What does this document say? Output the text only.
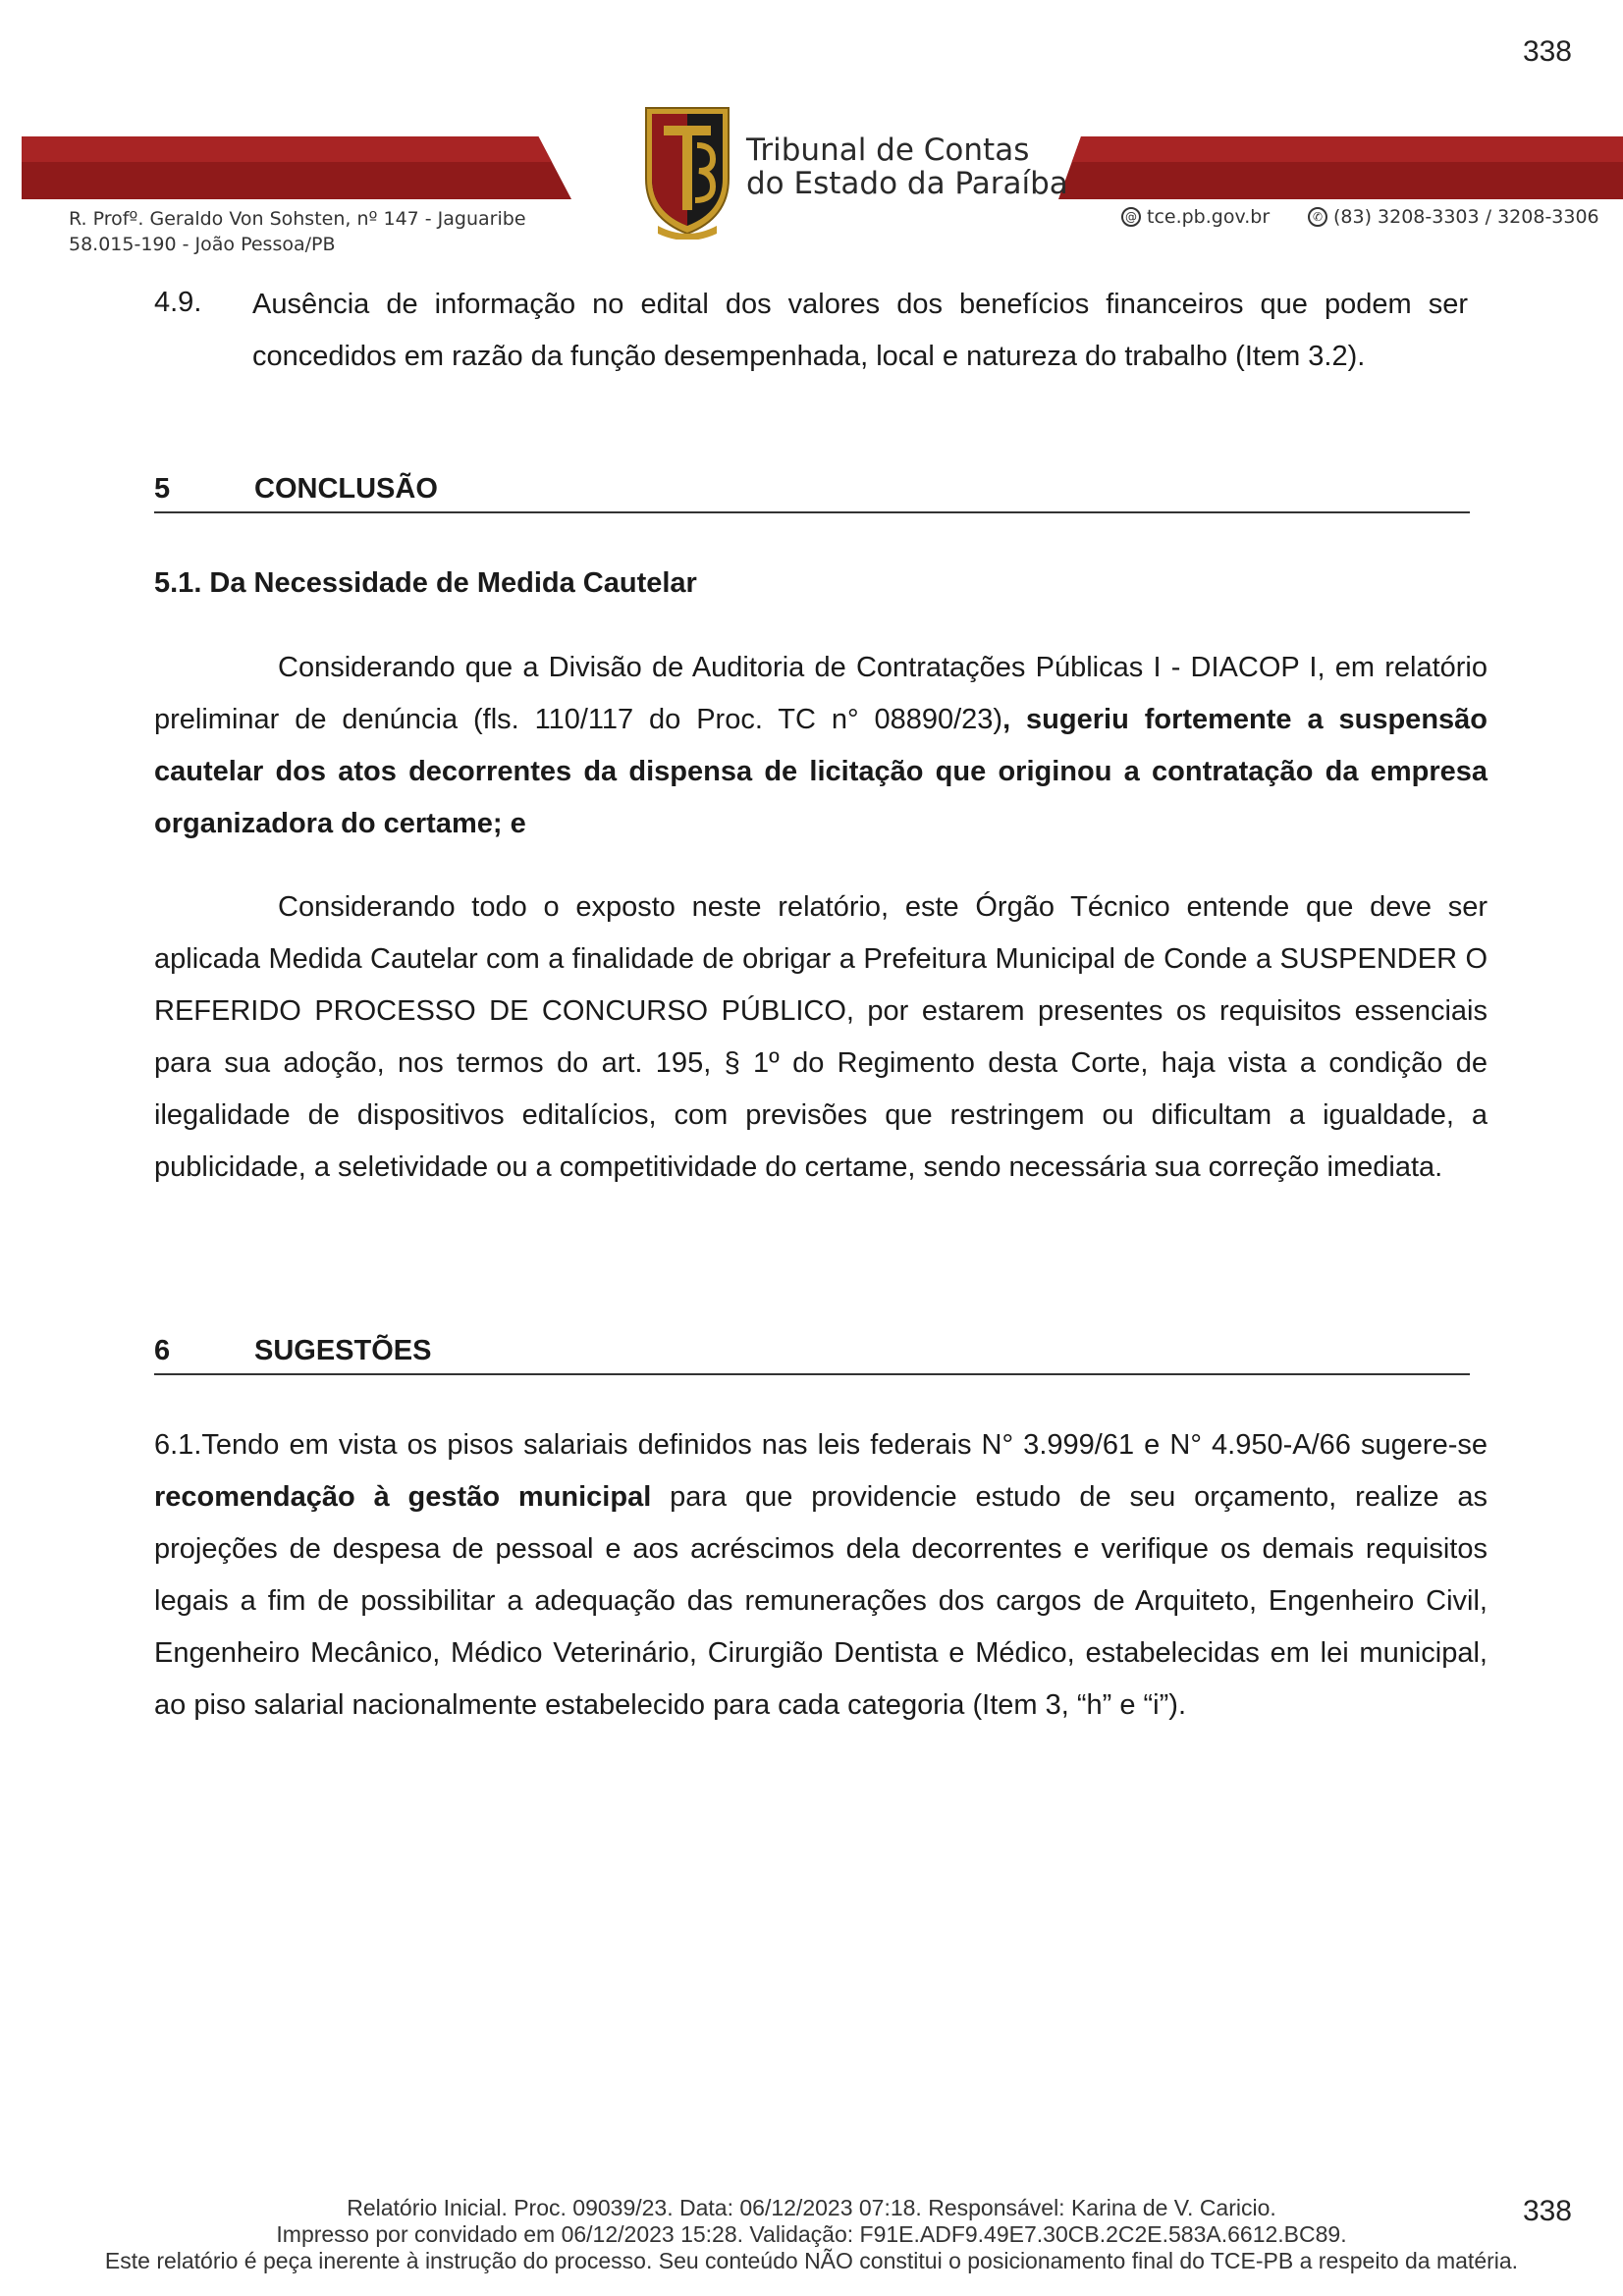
338
Tribunal de Contas
do Estado da Paraíba
R. Profº. Geraldo Von Sohsten, nº 147 - Jaguaribe
58.015-190 - João Pessoa/PB
@ tce.pb.gov.br	✆ (83) 3208-3303 / 3208-3306
4.9. Ausência de informação no edital dos valores dos benefícios financeiros que podem ser concedidos em razão da função desempenhada, local e natureza do trabalho (Item 3.2).
5	CONCLUSÃO
5.1. Da Necessidade de Medida Cautelar
Considerando que a Divisão de Auditoria de Contratações Públicas I - DIACOP I, em relatório preliminar de denúncia (fls. 110/117 do Proc. TC n° 08890/23), sugeriu fortemente a suspensão cautelar dos atos decorrentes da dispensa de licitação que originou a contratação da empresa organizadora do certame; e
Considerando todo o exposto neste relatório, este Órgão Técnico entende que deve ser aplicada Medida Cautelar com a finalidade de obrigar a Prefeitura Municipal de Conde a SUSPENDER O REFERIDO PROCESSO DE CONCURSO PÚBLICO, por estarem presentes os requisitos essenciais para sua adoção, nos termos do art. 195, § 1º do Regimento desta Corte, haja vista a condição de ilegalidade de dispositivos editalícios, com previsões que restringem ou dificultam a igualdade, a publicidade, a seletividade ou a competitividade do certame, sendo necessária sua correção imediata.
6	SUGESTÕES
6.1.Tendo em vista os pisos salariais definidos nas leis federais N° 3.999/61 e N° 4.950-A/66 sugere-se recomendação à gestão municipal para que providencie estudo de seu orçamento, realize as projeções de despesa de pessoal e aos acréscimos dela decorrentes e verifique os demais requisitos legais a fim de possibilitar a adequação das remunerações dos cargos de Arquiteto, Engenheiro Civil, Engenheiro Mecânico, Médico Veterinário, Cirurgião Dentista e Médico, estabelecidas em lei municipal, ao piso salarial nacionalmente estabelecido para cada categoria (Item 3, “h” e “i”).
338
Relatório Inicial. Proc. 09039/23. Data: 06/12/2023 07:18. Responsável: Karina de V. Caricio.
Impresso por convidado em 06/12/2023 15:28. Validação: F91E.ADF9.49E7.30CB.2C2E.583A.6612.BC89.
Este relatório é peça inerente à instrução do processo. Seu conteúdo NÃO constitui o posicionamento final do TCE-PB a respeito da matéria.
